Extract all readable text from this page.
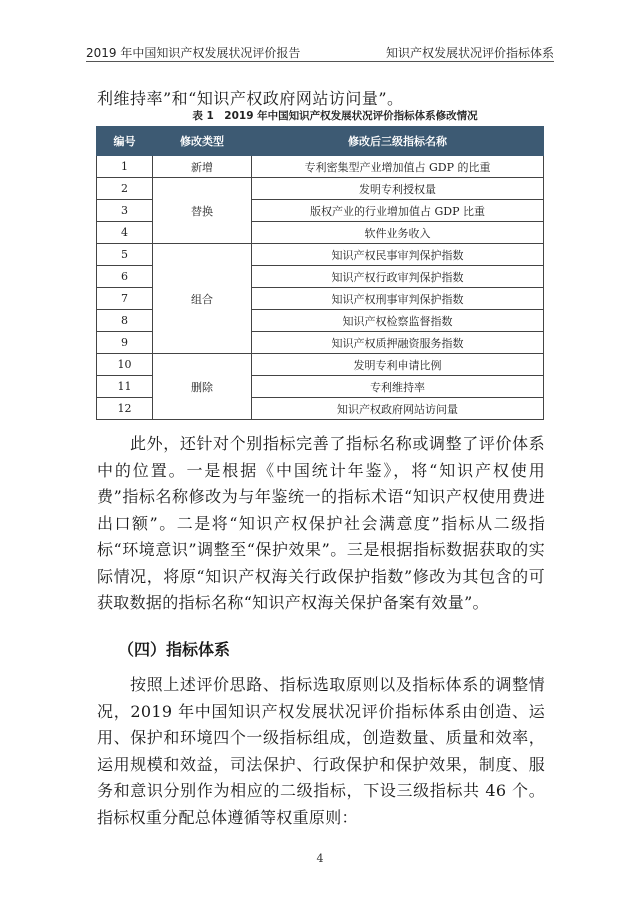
2019 年中国知识产权发展状况评价报告	知识产权发展状况评价指标体系
利维持率”和“知识产权政府网站访问量”。
表 1　2019 年中国知识产权发展状况评价指标体系修改情况
编号	修改类型	修改后三级指标名称
1	新增	专利密集型产业增加值占 GDP 的比重
2	替换	发明专利授权量
3		版权产业的行业增加值占 GDP 比重
4		软件业务收入
5	组合	知识产权民事审判保护指数
6		知识产权行政审判保护指数
7		知识产权刑事审判保护指数
8		知识产权检察监督指数
9		知识产权质押融资服务指数
10	删除	发明专利申请比例
11		专利维持率
12		知识产权政府网站访问量
此外，还针对个别指标完善了指标名称或调整了评价体系中的位置。一是根据《中国统计年鉴》，将“知识产权使用费”指标名称修改为与年鉴统一的指标术语“知识产权使用费进出口额”。二是将“知识产权保护社会满意度”指标从二级指标“环境意识”调整至“保护效果”。三是根据指标数据获取的实际情况，将原“知识产权海关行政保护指数”修改为其包含的可获取数据的指标名称“知识产权海关保护备案有效量”。
（四）指标体系
按照上述评价思路、指标选取原则以及指标体系的调整情况，2019 年中国知识产权发展状况评价指标体系由创造、运用、保护和环境四个一级指标组成，创造数量、质量和效率，运用规模和效益，司法保护、行政保护和保护效果，制度、服务和意识分别作为相应的二级指标，下设三级指标共 46 个。指标权重分配总体遵循等权重原则：
4
